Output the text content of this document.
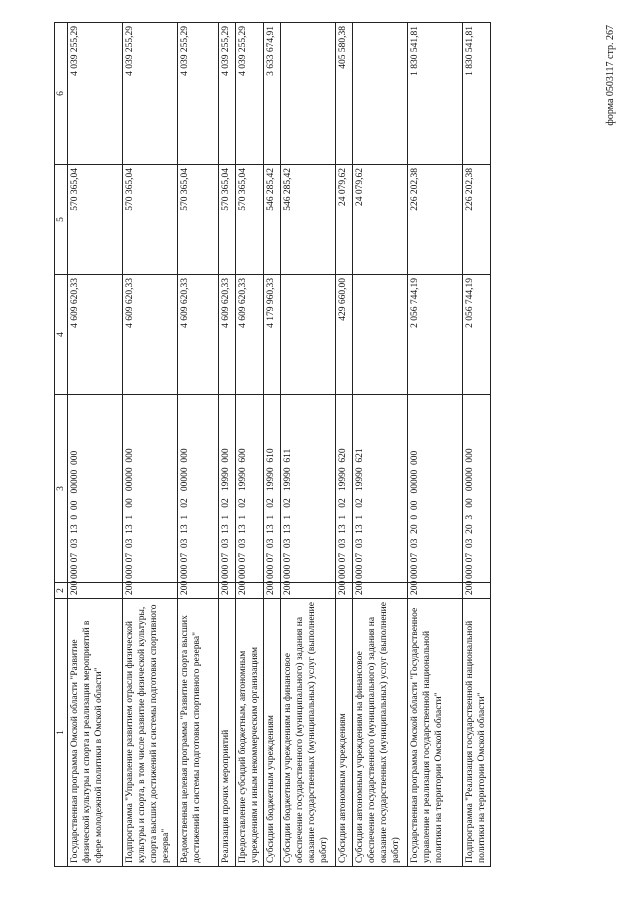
форма 0503117 стр. 267
1	2	3	4	5	6
Государственная программа Омской области "Развитие физической культуры и спорта и реализация мероприятий в сфере молодежной политики в Омской области"	200	000 07  03  13  0  00   00000  000	4 609 620,33	570 365,04	4 039 255,29
Подпрограмма "Управление развитием отрасли физической культуры и спорта, в том числе развитие физической культуры, спорта высших достижений и системы подготовки спортивного резерва"	200	000 07  03  13  1   00   00000  000	4 609 620,33	570 365,04	4 039 255,29
Ведомственная целевая программа "Развитие спорта высших достижений и системы подготовки спортивного резерва"	200	000 07  03  13  1   02   00000  000	4 609 620,33	570 365,04	4 039 255,29
Реализация прочих мероприятий	200	000 07  03  13  1   02   19990  000	4 609 620,33	570 365,04	4 039 255,29
Предоставление субсидий бюджетным, автономным учреждениям и иным некоммерческим организациям	200	000 07  03  13  1   02   19990  600	4 609 620,33	570 365,04	4 039 255,29
Субсидии бюджетным учреждениям	200	000 07  03  13  1   02   19990  610	4 179 960,33	546 285,42	3 633 674,91
Субсидии бюджетным учреждениям на финансовое обеспечение государственного (муниципального) задания на оказание государственных (муниципальных) услуг (выполнение работ)	200	000 07  03  13  1   02   19990  611		546 285,42	
Субсидии автономным учреждениям	200	000 07  03  13  1   02   19990  620	429 660,00	24 079,62	405 580,38
Субсидии автономным учреждениям на финансовое обеспечение государственного (муниципального) задания на оказание государственных (муниципальных) услуг (выполнение работ)	200	000 07  03  13  1   02   19990  621		24 079,62	
Государственная программа Омской области "Государственное управление и реализация государственной национальной политики на территории Омской области"	200	000 07  03  20  0  00   00000  000	2 056 744,19	226 202,38	1 830 541,81
Подпрограмма "Реализация государственной национальной политики на территории Омской области"	200	000 07  03  20  3   00   00000  000	2 056 744,19	226 202,38	1 830 541,81
